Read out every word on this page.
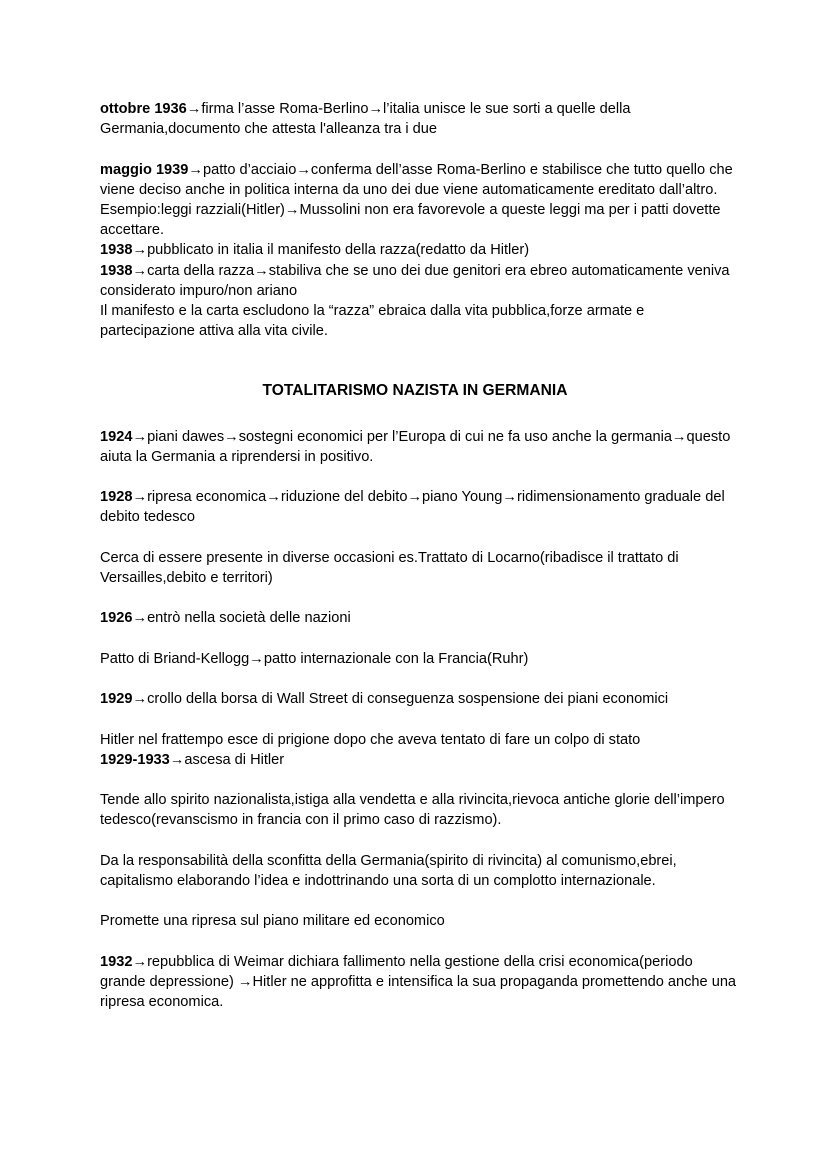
ottobre 1936→firma l’asse Roma-Berlino→l’italia unisce le sue sorti a quelle della Germania,documento che attesta l'alleanza tra i due

maggio 1939→patto d’acciaio→conferma dell’asse Roma-Berlino e stabilisce che tutto quello che viene deciso anche in politica interna da uno dei due viene automaticamente ereditato dall’altro.

Esempio:leggi razziali(Hitler)→Mussolini non era favorevole a queste leggi ma per i patti dovette accettare.

1938→pubblicato in italia il manifesto della razza(redatto da Hitler)

1938→carta della razza→stabiliva che se uno dei due genitori era ebreo automaticamente veniva considerato impuro/non ariano

Il manifesto e la carta escludono la “razza” ebraica dalla vita pubblica,forze armate e partecipazione attiva alla vita civile.

TOTALITARISMO NAZISTA IN GERMANIA

1924→piani dawes→sostegni economici per l’Europa di cui ne fa uso anche la germania→questo aiuta la Germania a riprendersi in positivo.

1928→ripresa economica→riduzione del debito→piano Young→ridimensionamento graduale del debito tedesco

Cerca di essere presente in diverse occasioni es.Trattato di Locarno(ribadisce il trattato di Versailles,debito e territori)

1926→entrò nella società delle nazioni

Patto di Briand-Kellogg→patto internazionale con la Francia(Ruhr)

1929→crollo della borsa di Wall Street di conseguenza sospensione dei piani economici

Hitler nel frattempo esce di prigione dopo che aveva tentato di fare un colpo di stato

1929-1933→ascesa di Hitler

Tende allo spirito nazionalista,istiga alla vendetta e alla rivincita,rievoca antiche glorie dell’impero tedesco(revanscismo in francia con il primo caso di razzismo).

Da la responsabilità della sconfitta della Germania(spirito di rivincita) al comunismo,ebrei, capitalismo elaborando l’idea e indottrinando una sorta di un complotto internazionale.

Promette una ripresa sul piano militare ed economico

1932→repubblica di Weimar dichiara fallimento nella gestione della crisi economica(periodo grande depressione) →Hitler ne approfitta e intensifica la sua propaganda promettendo anche una ripresa economica.
